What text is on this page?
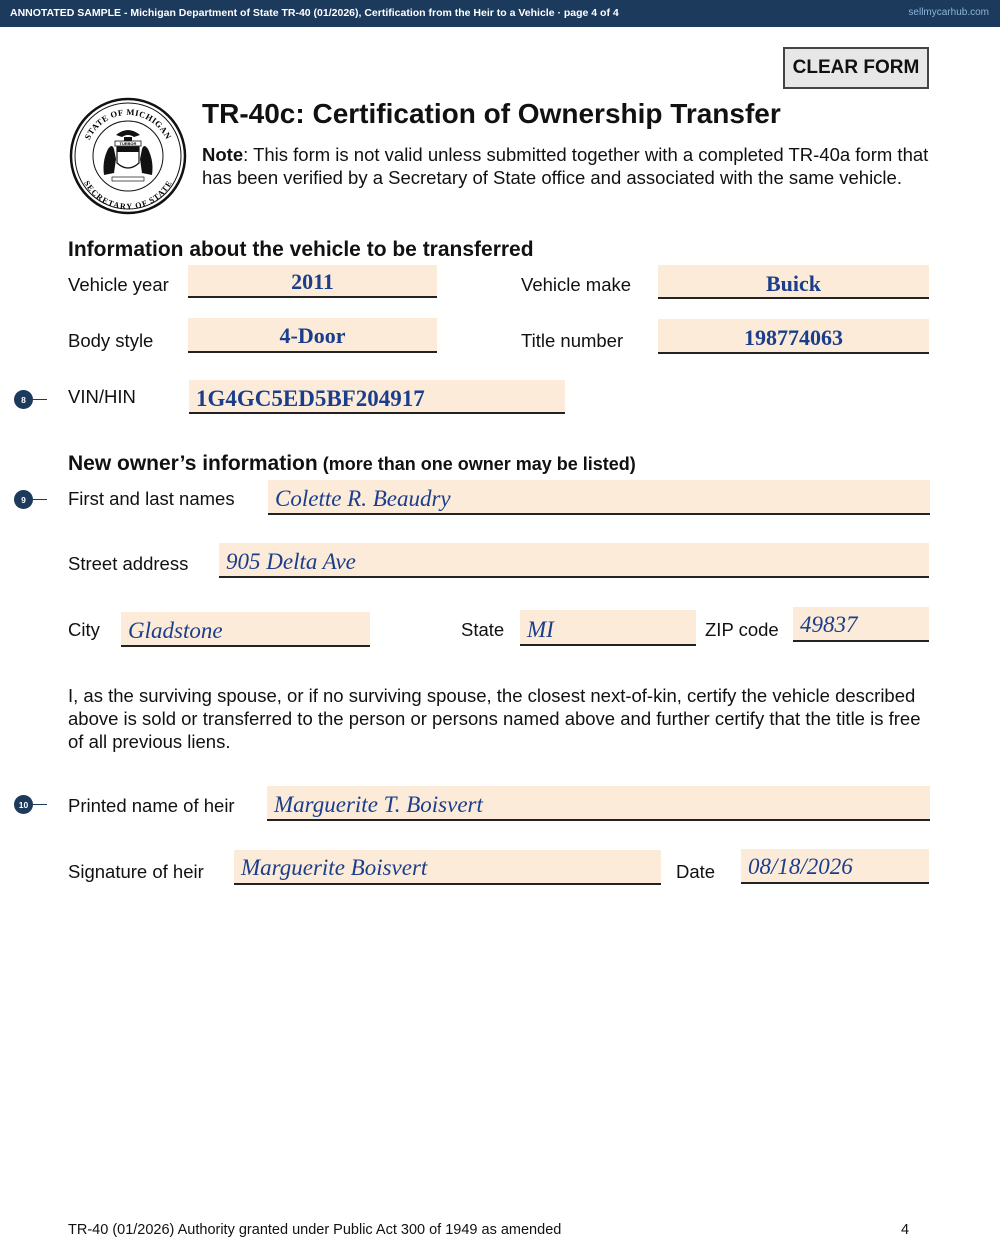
ANNOTATED SAMPLE - Michigan Department of State TR-40 (01/2026), Certification from the Heir to a Vehicle · page 4 of 4	sellmycarhub.com
CLEAR FORM
STATE OF MICHIGAN
SECRETARY OF STATE
TUEBOR
TR-40c: Certification of Ownership Transfer
Note: This form is not valid unless submitted together with a completed TR-40a form that has been verified by a Secretary of State office and associated with the same vehicle.
Information about the vehicle to be transferred
Vehicle year	2011	Vehicle make	Buick
Body style	4-Door	Title number	198774063
8	VIN/HIN	1G4GC5ED5BF204917
New owner’s information (more than one owner may be listed)
9	First and last names	Colette R. Beaudry
Street address	905 Delta Ave
City	Gladstone	State MI	ZIP code 49837
I, as the surviving spouse, or if no surviving spouse, the closest next-of-kin, certify the vehicle described above is sold or transferred to the person or persons named above and further certify that the title is free of all previous liens.
10 Printed name of heir	Marguerite T. Boisvert
Signature of heir	Marguerite Boisvert	Date	08/18/2026
TR-40 (01/2026) Authority granted under Public Act 300 of 1949 as amended	4
